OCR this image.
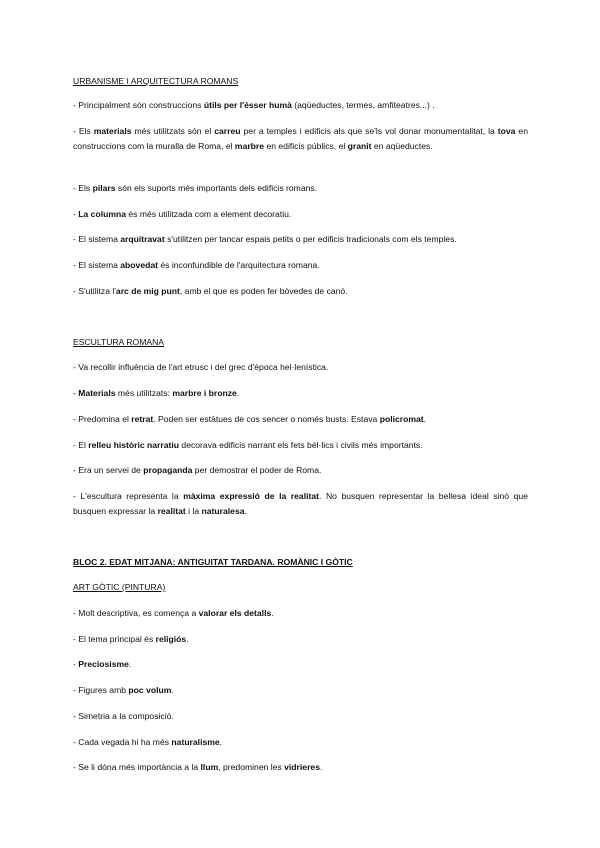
URBANISME I ARQUITECTURA ROMANS

- Principalment són construccions útils per l'ésser humà (aqüeductes, termes, amfiteatres...) .

- Els materials més utilitzats són el carreu per a temples i edificis als que se'ls vol donar monumentalitat, la tova en construccions com la muralla de Roma, el marbre en edificis públics, el granit en aqüeductes.

- Els pilars són els suports més importants dels edificis romans.

- La columna és més utilitzada com a element decoratiu.

- El sistema arquitravat s'utilitzen per tancar espais petits o per edificis tradicionals com els temples.

- El sistema abovedat és inconfundible de l'arquitectura romana.

- S'utilitza l'arc de mig punt, amb el que es poden fer bòvedes de canó.

ESCULTURA ROMANA

- Va recollir influència de l'art etrusc i del grec d'època hel·lenística.

- Materials més utilitzats: marbre i bronze.

- Predomina el retrat. Poden ser estàtues de cos sencer o només busts. Estava policromat.

- El relleu històric narratiu decorava edificis narrant els fets bèl·lics i civils més importants.

- Era un servei de propaganda per demostrar el poder de Roma.

- L'escultura representa la màxima expressió de la realitat. No busquen representar la bellesa ideal sinó que busquen expressar la realitat i la naturalesa.

BLOC 2. EDAT MITJANA: ANTIGUITAT TARDANA. ROMÀNIC I GÒTIC

ART GÒTIC (PINTURA)

- Molt descriptiva, es comença a valorar els detalls.

- El tema principal és religiós.

- Preciosisme.

- Figures amb poc volum.

- Simetria a la composició.

- Cada vegada hi ha més naturalisme.

- Se li dóna més importància a la llum, predominen les vidrieres.
